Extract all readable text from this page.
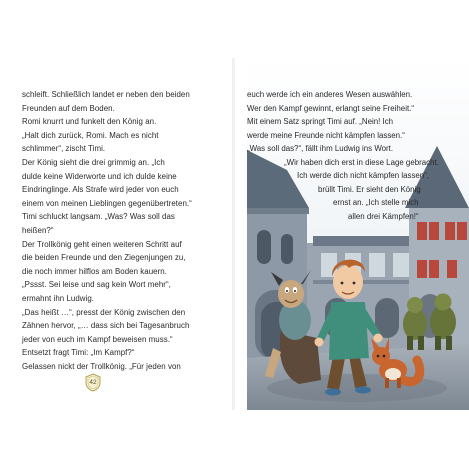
schleift. Schließlich landet er neben den beiden
Freunden auf dem Boden.
Romi knurrt und funkelt den König an.
„Halt dich zurück, Romi. Mach es nicht
schlimmer“, zischt Timi.
Der König sieht die drei grimmig an. „Ich
dulde keine Widerworte und ich dulde keine
Eindringlinge. Als Strafe wird jeder von euch
einem von meinen Lieblingen gegenübertreten.“
Timi schluckt langsam. „Was? Was soll das
heißen?“
Der Trollkönig geht einen weiteren Schritt auf
die beiden Freunde und den Ziegenjungen zu,
die noch immer hilflos am Boden kauern.
„Pssst. Sei leise und sag kein Wort mehr“,
ermahnt ihn Ludwig.
„Das heißt …“, presst der König zwischen den
Zähnen hervor, „… dass sich bei Tagesanbruch
jeder von euch im Kampf beweisen muss.“
Entsetzt fragt Timi: „Im Kampf?“
Gelassen nickt der Trollkönig. „Für jeden von
42
euch werde ich ein anderes Wesen auswählen.
Wer den Kampf gewinnt, erlangt seine Freiheit.“
Mit einem Satz springt Timi auf. „Nein! Ich
werde meine Freunde nicht kämpfen lassen.“
„Was soll das?“, fällt ihm Ludwig ins Wort.
„Wir haben dich erst in diese Lage gebracht.
Ich werde dich nicht kämpfen lassen“,
brüllt Timi. Er sieht den König
ernst an. „Ich stelle mich
allen drei Kämpfen!“
